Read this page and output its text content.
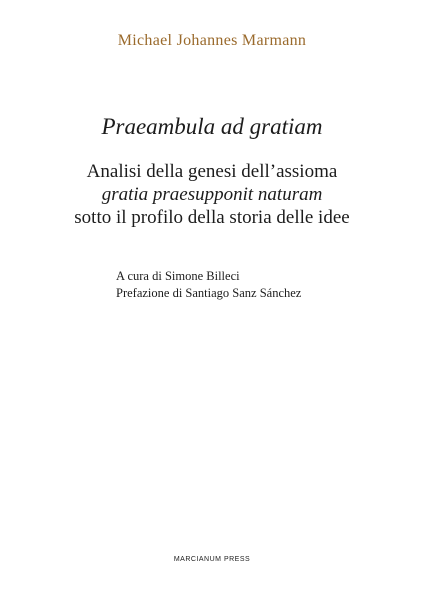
Michael Johannes Marmann
Praeambula ad gratiam
Analisi della genesi dell’assioma
gratia praesupponit naturam
sotto il profilo della storia delle idee
A cura di Simone Billeci
Prefazione di Santiago Sanz Sánchez
MARCIANUM PRESS
